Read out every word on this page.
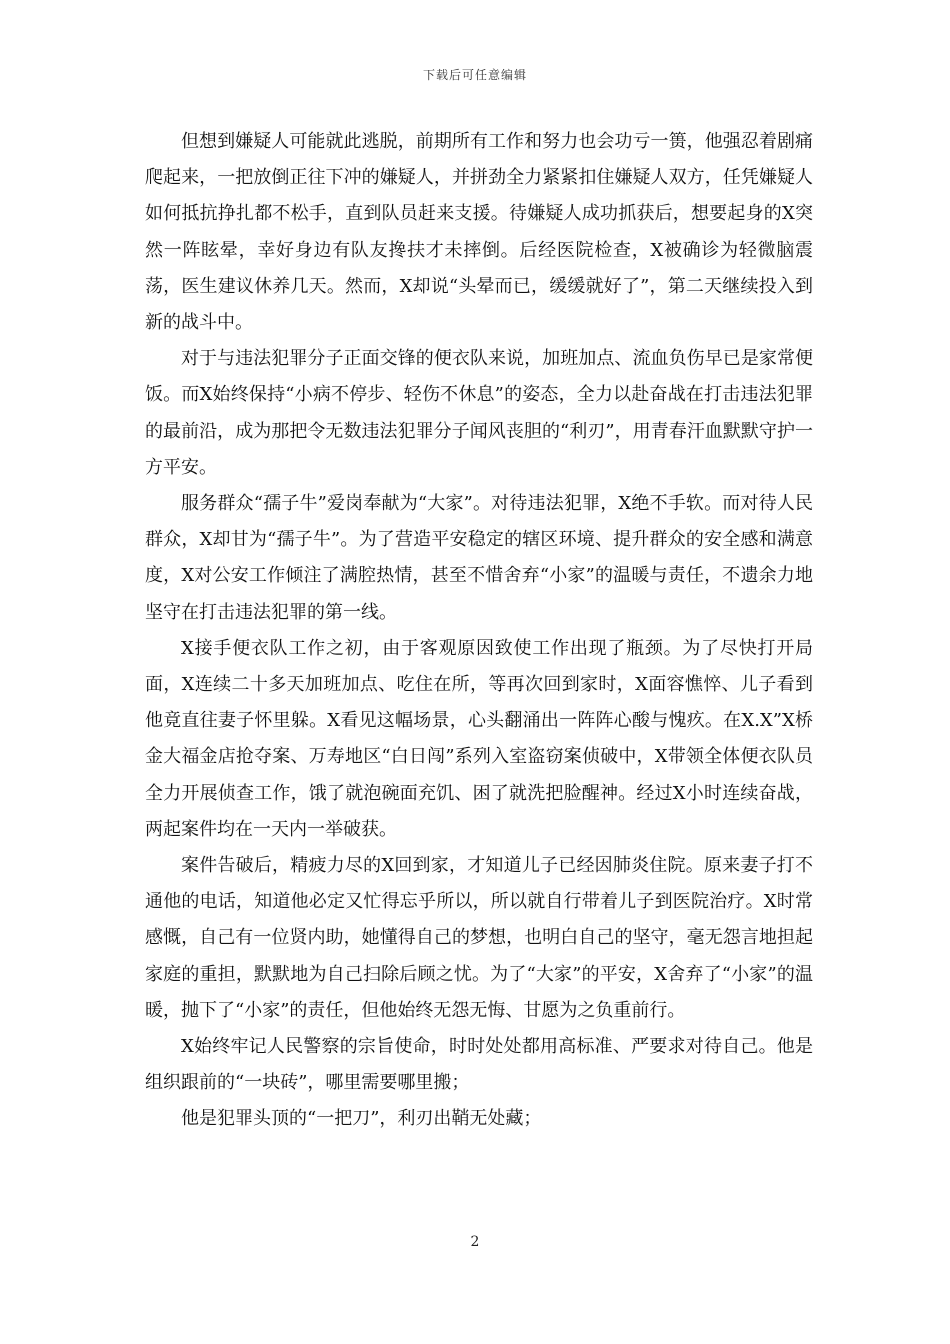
下载后可任意编辑

但想到嫌疑人可能就此逃脱，前期所有工作和努力也会功亏一篑，他强忍着剧痛爬起来，一把放倒正往下冲的嫌疑人，并拼劲全力紧紧扣住嫌疑人双方，任凭嫌疑人如何抵抗挣扎都不松手，直到队员赶来支援。待嫌疑人成功抓获后，想要起身的X突然一阵眩晕，幸好身边有队友搀扶才未摔倒。后经医院检查，X被确诊为轻微脑震荡，医生建议休养几天。然而，X却说“头晕而已，缓缓就好了”，第二天继续投入到新的战斗中。

对于与违法犯罪分子正面交锋的便衣队来说，加班加点、流血负伤早已是家常便饭。而X始终保持“小病不停步、轻伤不休息”的姿态，全力以赴奋战在打击违法犯罪的最前沿，成为那把令无数违法犯罪分子闻风丧胆的“利刃”，用青春汗血默默守护一方平安。

服务群众“孺子牛”爱岗奉献为“大家”。对待违法犯罪，X绝不手软。而对待人民群众，X却甘为“孺子牛”。为了营造平安稳定的辖区环境、提升群众的安全感和满意度，X对公安工作倾注了满腔热情，甚至不惜舍弃“小家”的温暖与责任，不遗余力地坚守在打击违法犯罪的第一线。

X接手便衣队工作之初，由于客观原因致使工作出现了瓶颈。为了尽快打开局面，X连续二十多天加班加点、吃住在所，等再次回到家时，X面容憔悴、儿子看到他竟直往妻子怀里躲。X看见这幅场景，心头翻涌出一阵阵心酸与愧疚。在X.X”X桥金大福金店抢夺案、万寿地区“白日闯”系列入室盗窃案侦破中，X带领全体便衣队员全力开展侦查工作，饿了就泡碗面充饥、困了就洗把脸醒神。经过X小时连续奋战，两起案件均在一天内一举破获。

案件告破后，精疲力尽的X回到家，才知道儿子已经因肺炎住院。原来妻子打不通他的电话，知道他必定又忙得忘乎所以，所以就自行带着儿子到医院治疗。X时常感慨，自己有一位贤内助，她懂得自己的梦想，也明白自己的坚守，毫无怨言地担起家庭的重担，默默地为自己扫除后顾之忧。为了“大家”的平安，X舍弃了“小家”的温暖，抛下了“小家”的责任，但他始终无怨无悔、甘愿为之负重前行。

X始终牢记人民警察的宗旨使命，时时处处都用高标准、严要求对待自己。他是组织跟前的“一块砖”，哪里需要哪里搬；

他是犯罪头顶的“一把刀”，利刃出鞘无处藏；

2
